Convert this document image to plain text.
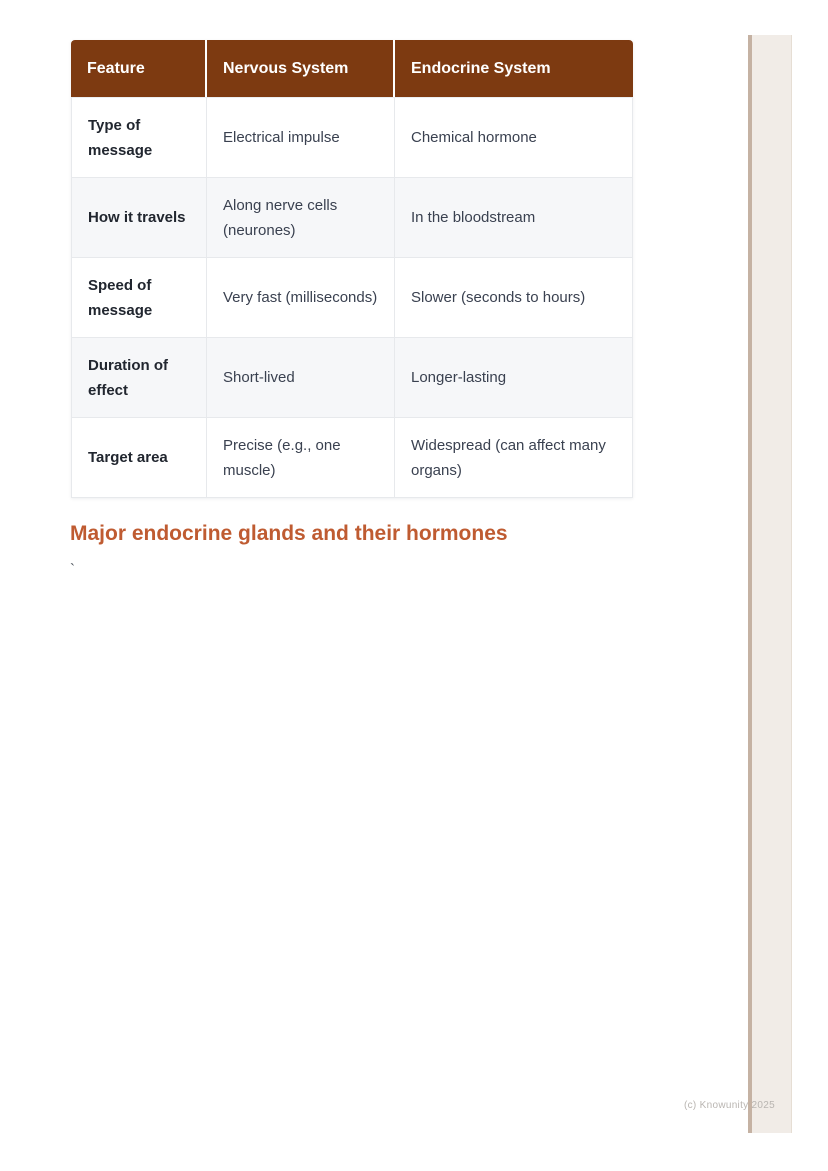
Feature	Nervous System	Endocrine System
Type of message	Electrical impulse	Chemical hormone
How it travels	Along nerve cells (neurones)	In the bloodstream
Speed of message	Very fast (milliseconds)	Slower (seconds to hours)
Duration of effect	Short-lived	Longer-lasting
Target area	Precise (e.g., one muscle)	Widespread (can affect many organs)
Major endocrine glands and their hormones
`
(c) Knowunity 2025
